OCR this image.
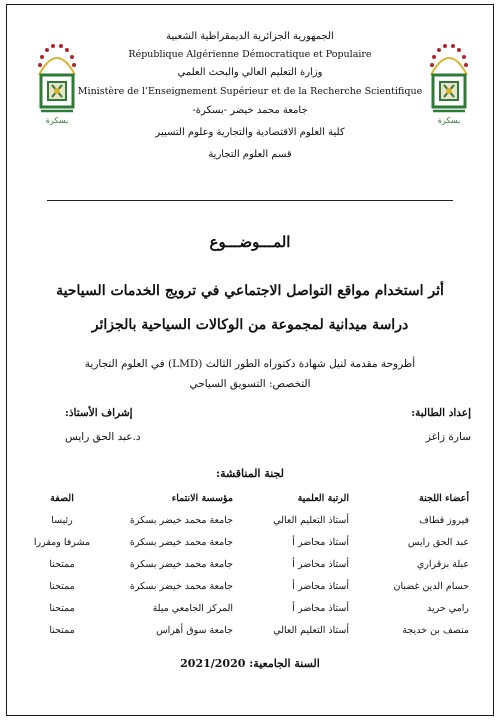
بسكرة	بسكرة
الجمهورية الجزائرية الديمقراطية الشعبية
République Algérienne Démocratique et Populaire
وزارة التعليم العالي والبحث العلمي
Ministère de l’Enseignement Supérieur et de la Recherche Scientifique
جامعة محمد خيضر -بسكرة-
كلية العلوم الاقتصادية والتجارية وعلوم التسيير
قسم العلوم التجارية
المـــوضـــوع
أثر استخدام مواقع التواصل الاجتماعي في ترويج الخدمات السياحية
دراسة ميدانية لمجموعة من الوكالات السياحية بالجزائر
أطروحة مقدمة لنيل شهادة دكتوراه الطور الثالث (LMD) في العلوم التجارية
التخصص: التسويق السياحي
إعداد الطالبة:
سارة زاغز
إشراف الأستاذ:
د.عبد الحق رايس
لجنة المناقشة:
أعضاء اللجنة	الرتبة العلمية	مؤسسة الانتماء	الصفة
فيروز قطاف	أستاذ التعليم العالي	جامعة محمد خيضر بسكرة	رئيسا
عبد الحق رايس	أستاذ محاضر أ	جامعة محمد خيضر بسكرة	مشرفا ومقررا
عبلة بزقراري	أستاذ محاضر أ	جامعة محمد خيضر بسكرة	ممتحنا
حسام الدين غضبان	أستاذ محاضر أ	جامعة محمد خيضر بسكرة	ممتحنا
رامي حريد	أستاذ محاضر أ	المركز الجامعي ميلة	ممتحنا
منصف بن خديجة	أستاذ التعليم العالي	جامعة سوق أهراس	ممتحنا
السنة الجامعية: 2021/2020
